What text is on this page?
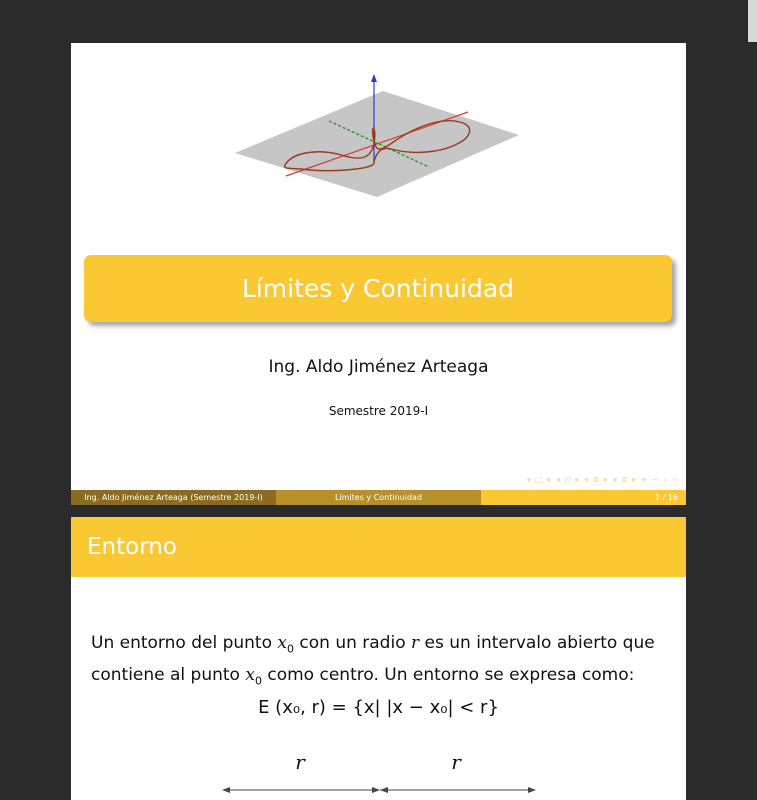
Límites y Continuidad
Ing. Aldo Jiménez Arteaga
Semestre 2019-I
◂ □ ▸ ◂ ⊡ ▸ ◂ ≣ ▸ ◂ ≣ ▸ ≡ ∽ ⌕ ∾
Ing. Aldo Jiménez Arteaga (Semestre 2019-I)	Límites y Continuidad	1 / 16
Entorno
Un entorno del punto $x_0$ con un radio r es un intervalo abierto que contiene al punto $x_0$ como centro. Un entorno se expresa como:
E (x₀, r) = {x| |x − x₀| < r}
r	r
